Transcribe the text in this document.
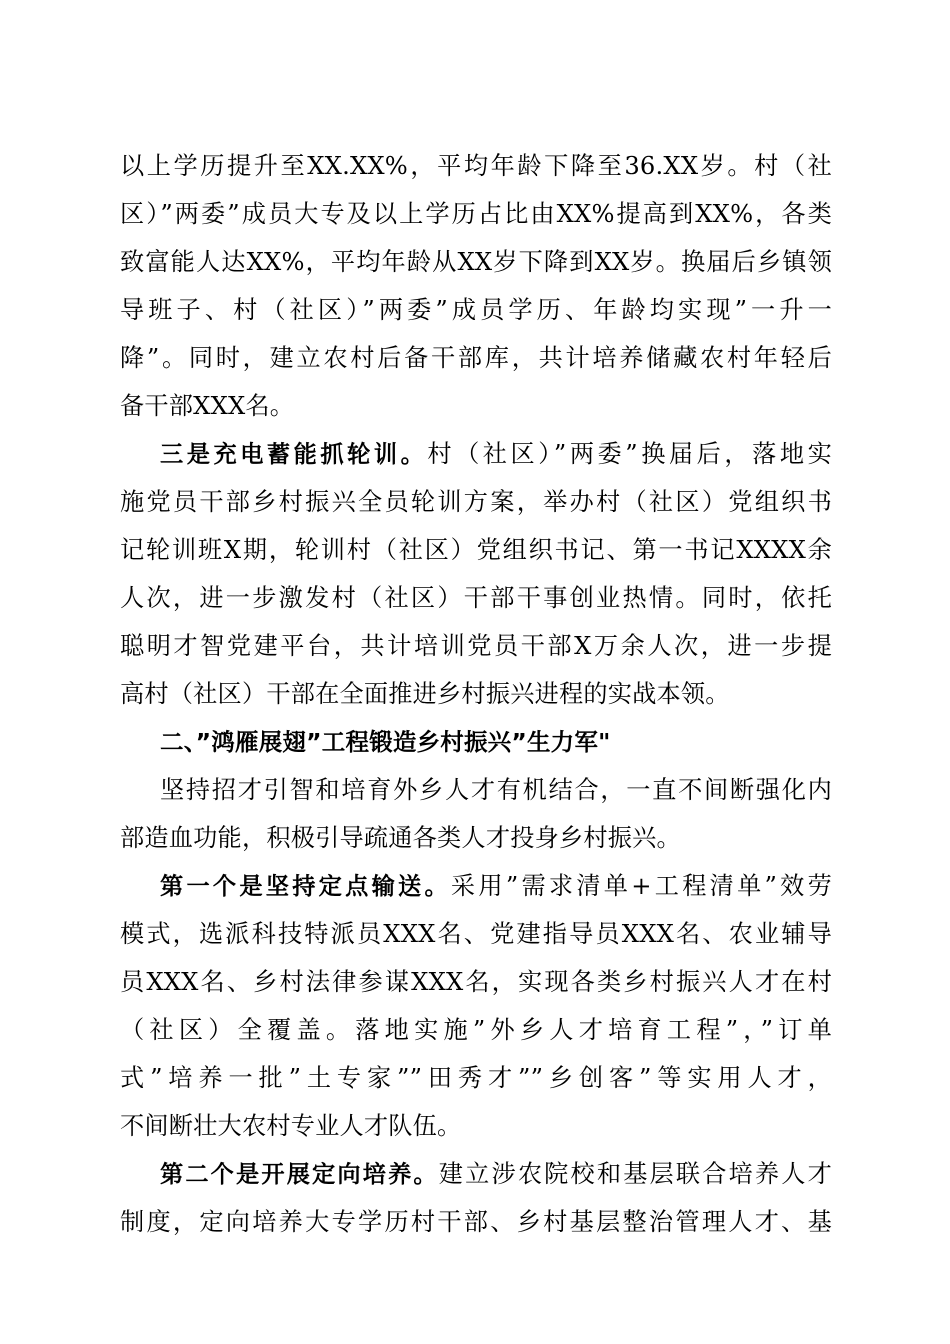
以上学历提升至XX.XX%，平均年龄下降至36.XX岁。村（社
区）”两委”成员大专及以上学历占比由XX%提高到XX%，各类
致富能人达XX%，平均年龄从XX岁下降到XX岁。换届后乡镇领
导班子、村（社区）”两委”成员学历、年龄均实现”一升一
降”。同时，建立农村后备干部库，共计培养储藏农村年轻后
备干部XXX名。
三是充电蓄能抓轮训。村（社区）”两委”换届后，落地实
施党员干部乡村振兴全员轮训方案，举办村（社区）党组织书
记轮训班X期，轮训村（社区）党组织书记、第一书记XXXX余
人次，进一步激发村（社区）干部干事创业热情。同时，依托
聪明才智党建平台，共计培训党员干部X万余人次，进一步提
高村（社区）干部在全面推进乡村振兴进程的实战本领。
二、”鸿雁展翅”工程锻造乡村振兴”生力军"
坚持招才引智和培育外乡人才有机结合，一直不间断强化内
部造血功能，积极引导疏通各类人才投身乡村振兴。
第一个是坚持定点输送。采用”需求清单+工程清单”效劳
模式，选派科技特派员XXX名、党建指导员XXX名、农业辅导
员XXX名、乡村法律参谋XXX名，实现各类乡村振兴人才在村
（社区）全覆盖。落地实施”外乡人才培育工程”，”订单
式”培养一批”土专家””田秀才””乡创客”等实用人才，
不间断壮大农村专业人才队伍。
第二个是开展定向培养。建立涉农院校和基层联合培养人才
制度，定向培养大专学历村干部、乡村基层整治管理人才、基
